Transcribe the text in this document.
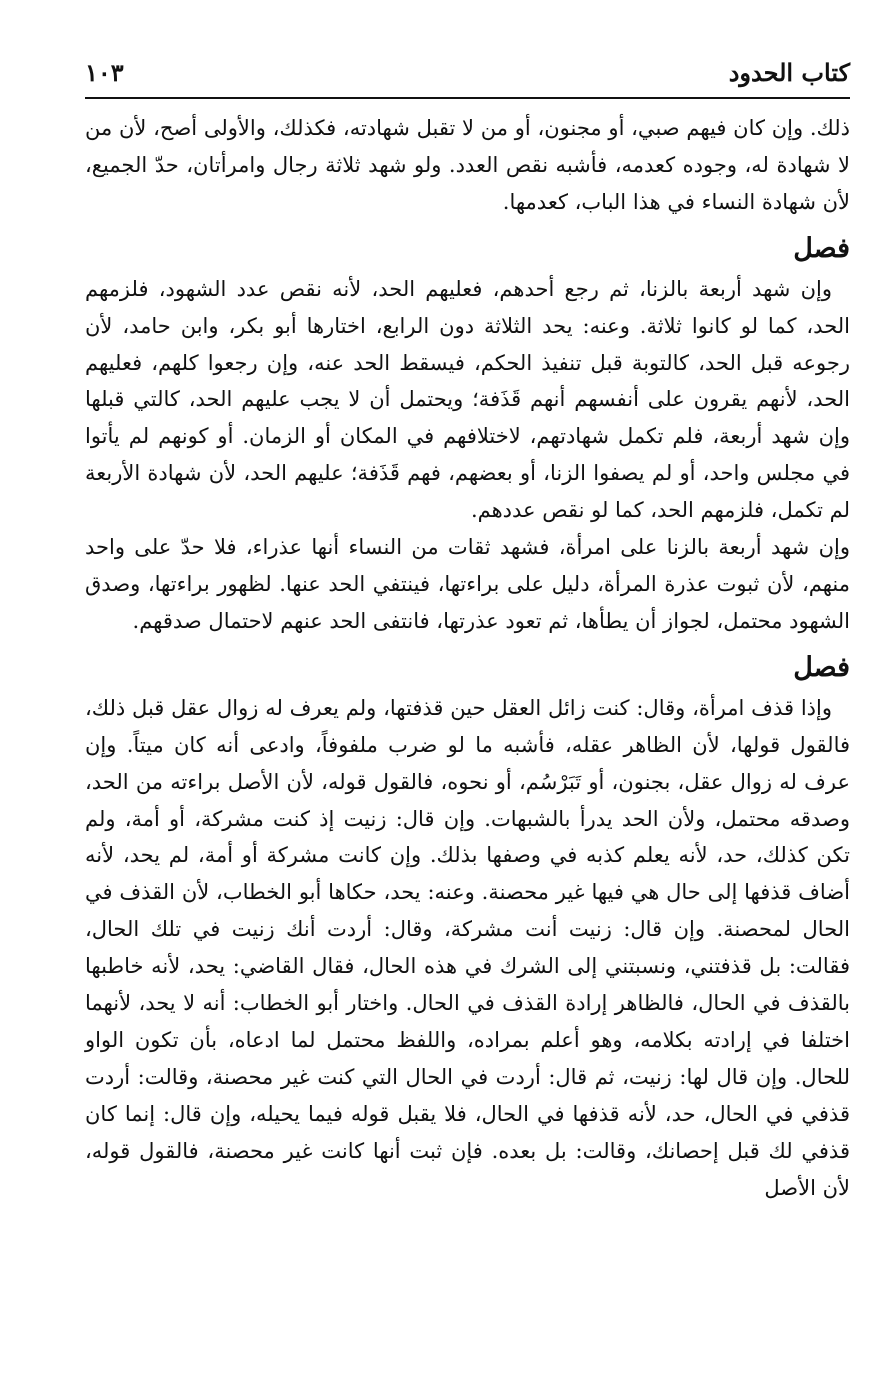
كتاب الحدود
١٠٣

ذلك. وإن كان فيهم صبي، أو مجنون، أو من لا تقبل شهادته، فكذلك، والأولى أصح، لأن من لا شهادة له، وجوده كعدمه، فأشبه نقص العدد. ولو شهد ثلاثة رجال وامرأتان، حدّ الجميع، لأن شهادة النساء في هذا الباب، كعدمها.

فصل

وإن شهد أربعة بالزنا، ثم رجع أحدهم، فعليهم الحد، لأنه نقص عدد الشهود، فلزمهم الحد، كما لو كانوا ثلاثة. وعنه: يحد الثلاثة دون الرابع، اختارها أبو بكر، وابن حامد، لأن رجوعه قبل الحد، كالتوبة قبل تنفيذ الحكم، فيسقط الحد عنه، وإن رجعوا كلهم، فعليهم الحد، لأنهم يقرون على أنفسهم أنهم قَذَفة؛ ويحتمل أن لا يجب عليهم الحد، كالتي قبلها وإن شهد أربعة، فلم تكمل شهادتهم، لاختلافهم في المكان أو الزمان. أو كونهم لم يأتوا في مجلس واحد، أو لم يصفوا الزنا، أو بعضهم، فهم قَذَفة؛ عليهم الحد، لأن شهادة الأربعة لم تكمل، فلزمهم الحد، كما لو نقص عددهم.

وإن شهد أربعة بالزنا على امرأة، فشهد ثقات من النساء أنها عذراء، فلا حدّ على واحد منهم، لأن ثبوت عذرة المرأة، دليل على براءتها، فينتفي الحد عنها. لظهور براءتها، وصدق الشهود محتمل، لجواز أن يطأها، ثم تعود عذرتها، فانتفى الحد عنهم لاحتمال صدقهم.

فصل

وإذا قذف امرأة، وقال: كنت زائل العقل حين قذفتها، ولم يعرف له زوال عقل قبل ذلك، فالقول قولها، لأن الظاهر عقله، فأشبه ما لو ضرب ملفوفاً، وادعى أنه كان ميتاً. وإن عرف له زوال عقل، بجنون، أو تَبَرْسُم، أو نحوه، فالقول قوله، لأن الأصل براءته من الحد، وصدقه محتمل، ولأن الحد يدرأ بالشبهات. وإن قال: زنيت إذ كنت مشركة، أو أمة، ولم تكن كذلك، حد، لأنه يعلم كذبه في وصفها بذلك. وإن كانت مشركة أو أمة، لم يحد، لأنه أضاف قذفها إلى حال هي فيها غير محصنة. وعنه: يحد، حكاها أبو الخطاب، لأن القذف في الحال لمحصنة. وإن قال: زنيت أنت مشركة، وقال: أردت أنك زنيت في تلك الحال، فقالت: بل قذفتني، ونسبتني إلى الشرك في هذه الحال، فقال القاضي: يحد، لأنه خاطبها بالقذف في الحال، فالظاهر إرادة القذف في الحال. واختار أبو الخطاب: أنه لا يحد، لأنهما اختلفا في إرادته بكلامه، وهو أعلم بمراده، واللفظ محتمل لما ادعاه، بأن تكون الواو للحال. وإن قال لها: زنيت، ثم قال: أردت في الحال التي كنت غير محصنة، وقالت: أردت قذفي في الحال، حد، لأنه قذفها في الحال، فلا يقبل قوله فيما يحيله، وإن قال: إنما كان قذفي لك قبل إحصانك، وقالت: بل بعده. فإن ثبت أنها كانت غير محصنة، فالقول قوله، لأن الأصل
